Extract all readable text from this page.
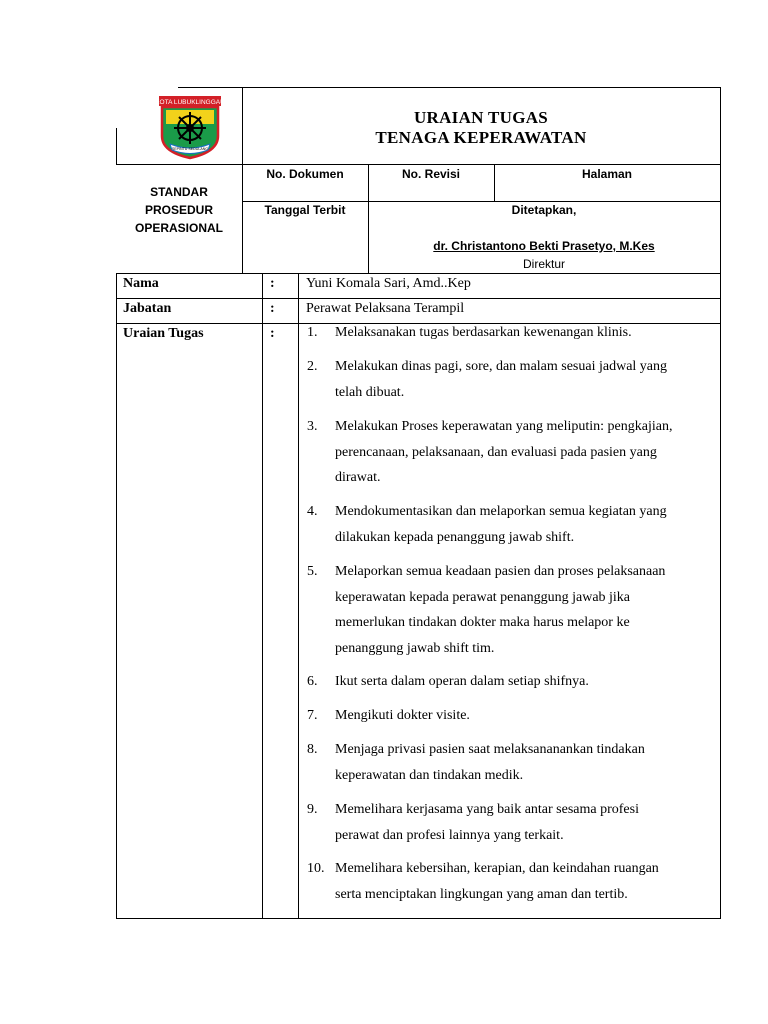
KOTA LUBUKLINGGAU
SEPINTU SEDULANG
URAIAN TUGAS
TENAGA KEPERAWATAN
STANDAR
PROSEDUR
OPERASIONAL
No. Dokumen	No. Revisi	Halaman
Tanggal Terbit	Ditetapkan,
dr. Christantono Bekti Prasetyo, M.Kes
Direktur
Nama	: Yuni Komala Sari, Amd..Kep
Jabatan	: Perawat Pelaksana Terampil
Uraian Tugas	: 1.	Melaksanakan tugas berdasarkan kewenangan klinis.
2.	Melakukan dinas pagi, sore, dan malam sesuai jadwal yang
telah dibuat.
3.	Melakukan Proses keperawatan yang meliputin: pengkajian,
perencanaan, pelaksanaan, dan evaluasi pada pasien yang
dirawat.
4.	Mendokumentasikan dan melaporkan semua kegiatan yang
dilakukan kepada penanggung jawab shift.
5.	Melaporkan semua keadaan pasien dan proses pelaksanaan
keperawatan kepada perawat penanggung jawab jika
memerlukan tindakan dokter maka harus melapor ke
penanggung jawab shift tim.
6.	Ikut serta dalam operan dalam setiap shifnya.
7.	Mengikuti dokter visite.
8.	Menjaga privasi pasien saat melaksananankan tindakan
keperawatan dan tindakan medik.
9.	Memelihara kerjasama yang baik antar sesama profesi
perawat dan profesi lainnya yang terkait.
10. Memelihara kebersihan, kerapian, dan keindahan ruangan
serta menciptakan lingkungan yang aman dan tertib.
